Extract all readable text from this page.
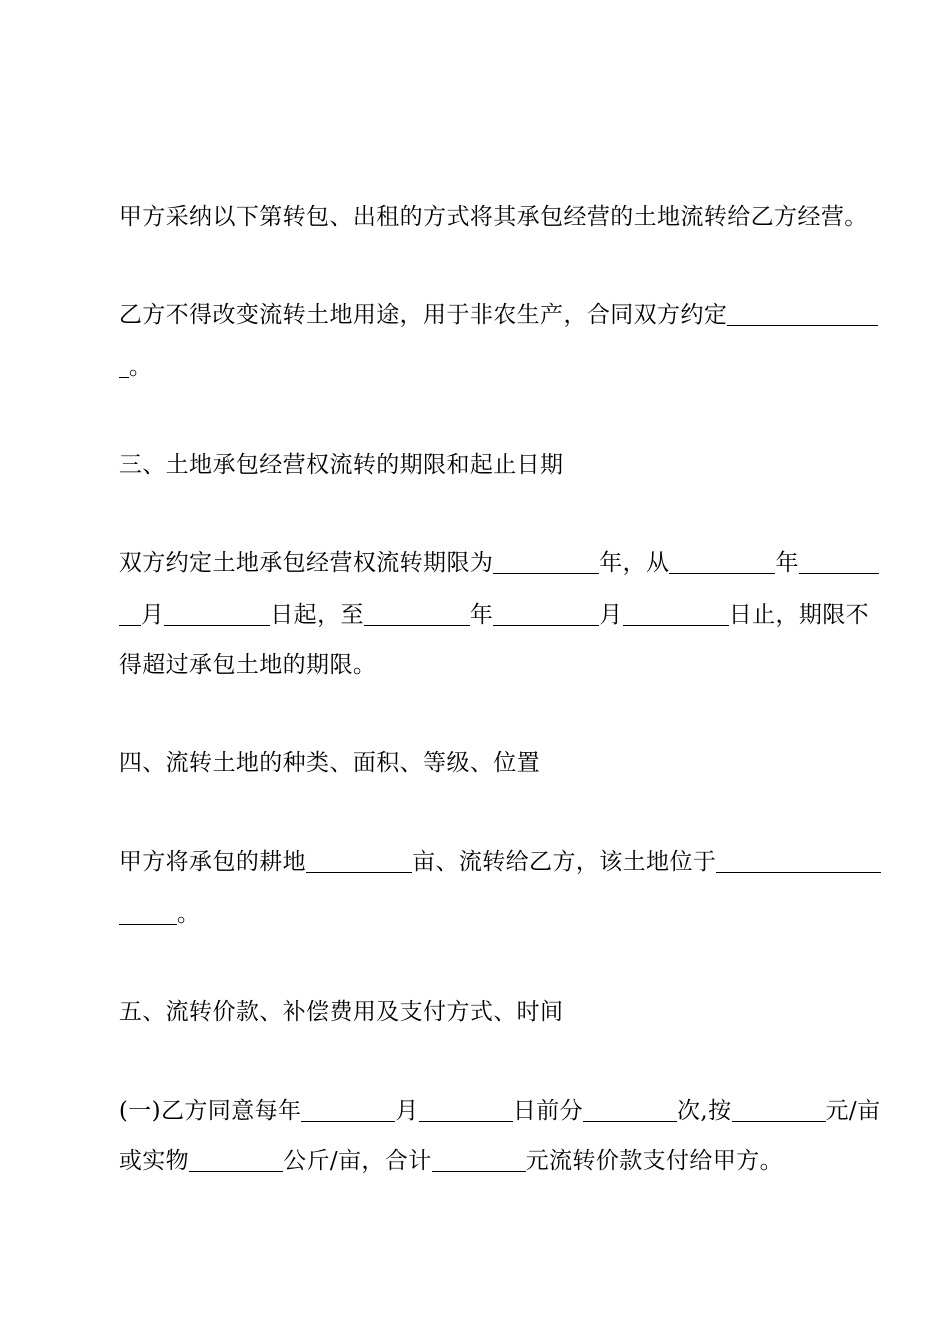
甲方采纳以下第转包、出租的方式将其承包经营的土地流转给乙方经营。

乙方不得改变流转土地用途，用于非农生产，合同双方约定

。

三、土地承包经营权流转的期限和起止日期

双方约定土地承包经营权流转期限为	年，从	年

月	日起，至	年	月	日止，期限不

得超过承包土地的期限。

四、流转土地的种类、面积、等级、位置

甲方将承包的耕地	亩、流转给乙方，该土地位于

。

五、流转价款、补偿费用及支付方式、时间

(一)乙方同意每年	月	日前分	次,按	元/亩

或实物	公斤/亩，合计	元流转价款支付给甲方。
